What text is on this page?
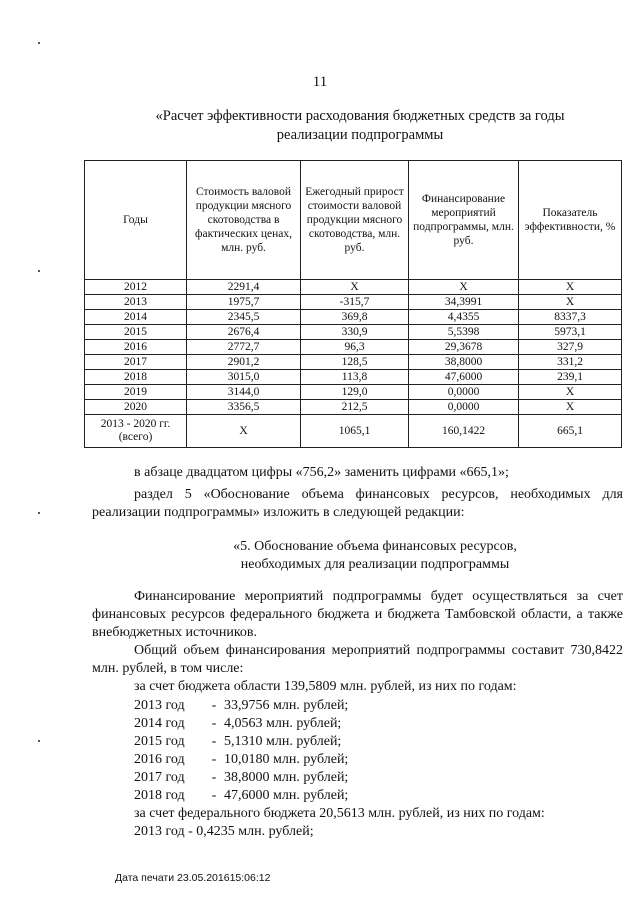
11
«Расчет эффективности расходования бюджетных средств за годы
реализации подпрограммы
Годы	Стоимость валовой продукции мясного скотоводства в фактических ценах, млн. руб.	Ежегодный прирост стоимости валовой продукции мясного скотоводства, млн. руб.	Финансирование мероприятий подпрограммы, млн. руб.	Показатель эффективности, %
2012	2291,4	Х	Х	Х
2013	1975,7	-315,7	34,3991	Х
2014	2345,5	369,8	4,4355	8337,3
2015	2676,4	330,9	5,5398	5973,1
2016	2772,7	96,3	29,3678	327,9
2017	2901,2	128,5	38,8000	331,2
2018	3015,0	113,8	47,6000	239,1
2019	3144,0	129,0	0,0000	Х
2020	3356,5	212,5	0,0000	Х

2013 - 2020 гг.
(всего)	Х	1065,1	160,1422	665,1
в абзаце двадцатом цифры «756,2» заменить цифрами «665,1»;
раздел 5 «Обоснование объема финансовых ресурсов, необходимых для реализации подпрограммы» изложить в следующей редакции:
«5. Обоснование объема финансовых ресурсов,
необходимых для реализации подпрограммы
Финансирование мероприятий подпрограммы будет осуществляться за счет финансовых ресурсов федерального бюджета и бюджета Тамбовской области, а также внебюджетных источников.
Общий объем финансирования мероприятий подпрограммы составит 730,8422 млн. рублей, в том числе:
за счет бюджета области 139,5809 млн. рублей, из них по годам:
2013 год - 33,9756 млн. рублей;
2014 год - 4,0563 млн. рублей;
2015 год - 5,1310 млн. рублей;
2016 год - 10,0180 млн. рублей;
2017 год - 38,8000 млн. рублей;
2018 год - 47,6000 млн. рублей;
за счет федерального бюджета 20,5613 млн. рублей, из них по годам:
2013 год - 0,4235 млн. рублей;
Дата печати 23.05.201615:06:12
